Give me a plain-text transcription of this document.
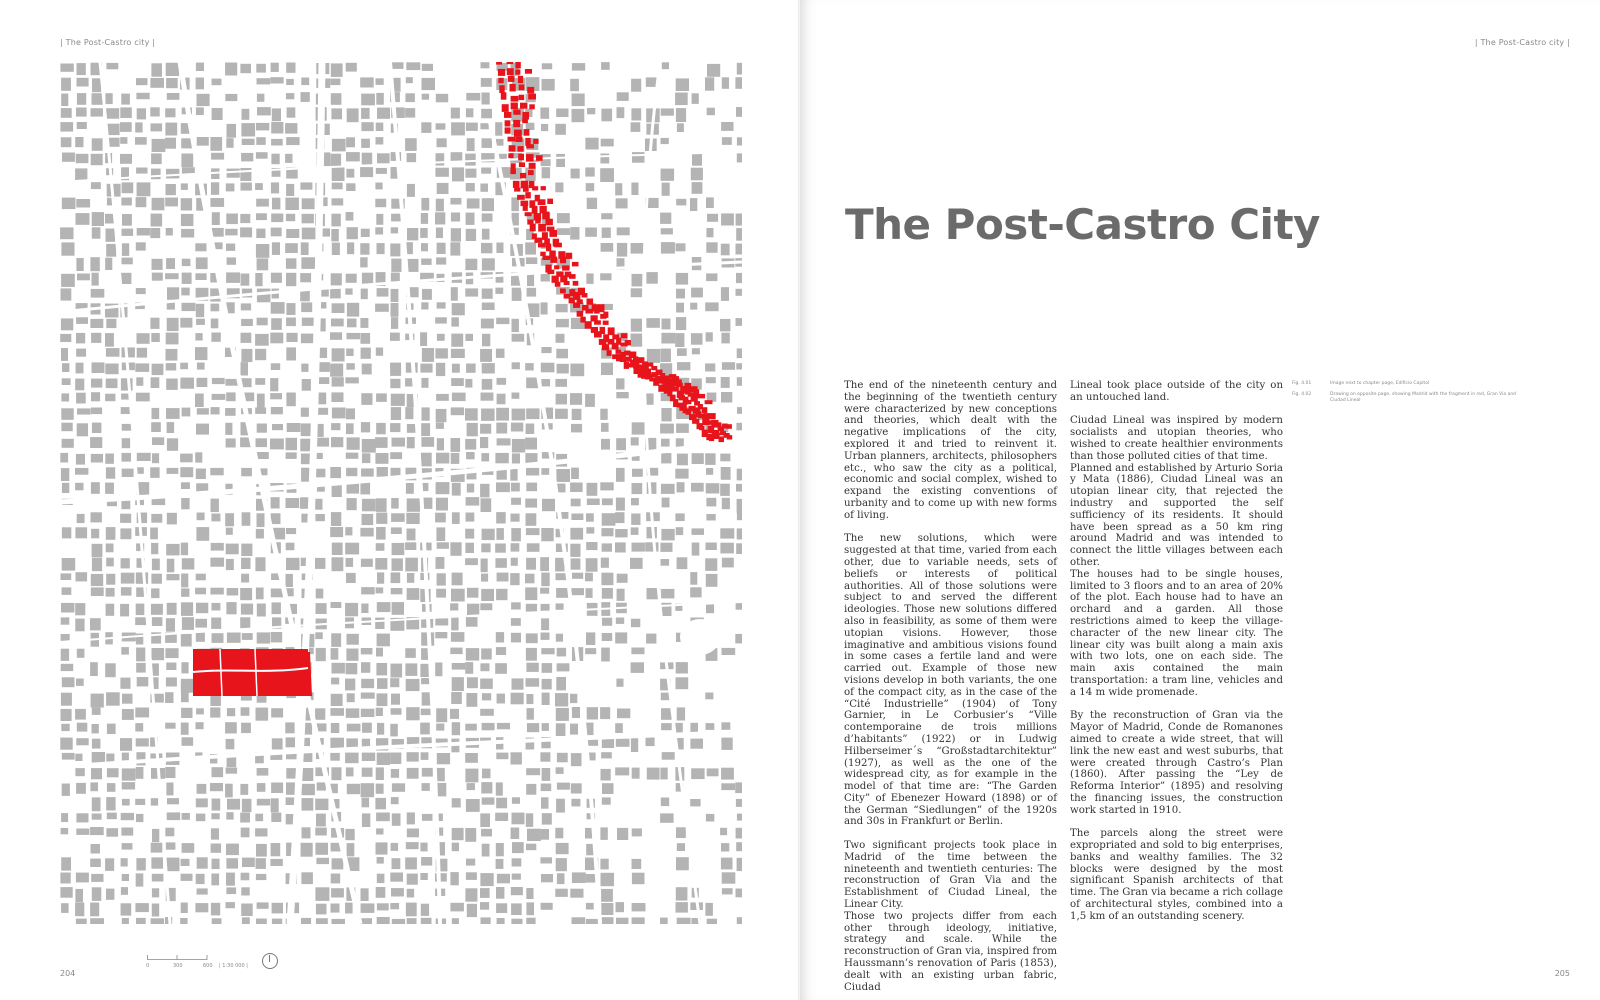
| The Post-Castro city |
0	300	600 | 1:30 000 |
204
| The Post-Castro city |
The Post-Castro City

The end of the nineteenth century and the beginning of the twentieth century were characterized by new conceptions and theories, which dealt with the negative implications of the city, explored it and tried to reinvent it. Urban planners, architects, philosophers etc., who saw the city as a political, economic and social complex, wished to expand the existing conventions of urbanity and to come up with new forms of living.

The new solutions, which were suggested at that time, varied from each other, due to variable needs, sets of beliefs or interests of political authorities. All of those solutions were subject to and served the different ideologies. Those new solutions differed also in feasibility, as some of them were utopian visions. However, those imaginative and ambitious visions found in some cases a fertile land and were carried out. Example of those new visions develop in both variants, the one of the compact city, as in the case of the “Cité Industrielle” (1904) of Tony Garnier, in Le Corbusier’s “Ville contemporaine de trois millions d’habitants” (1922) or in Ludwig Hilberseimer´s “Großstadtarchitektur” (1927), as well as the one of the widespread city, as for example in the model of that time are: “The Garden City” of Ebenezer Howard (1898) or of the German “Siedlungen” of the 1920s and 30s in Frankfurt or Berlin.

Two significant projects took place in Madrid of the time between the nineteenth and twentieth centuries: The reconstruction of Gran Via and the Establishment of Ciudad Lineal, the Linear City.

Those two projects differ from each other through ideology, initiative, strategy and scale. While the reconstruction of Gran via, inspired from Haussmann’s renovation of Paris (1853), dealt with an existing urban fabric, Ciudad

Lineal took place outside of the city on an untouched land.

Ciudad Lineal was inspired by modern socialists and utopian theories, who wished to create healthier environments than those polluted cities of that time.

Planned and established by Arturio Soria y Mata (1886), Ciudad Lineal was an utopian linear city, that rejected the industry and supported the self sufficiency of its residents. It should have been spread as a 50 km ring around Madrid and was intended to connect the little villages between each other.

The houses had to be single houses, limited to 3 floors and to an area of 20% of the plot. Each house had to have an orchard and a garden. All those restrictions aimed to keep the village-character of the new linear city. The linear city was built along a main axis with two lots, one on each side. The main axis contained the main transportation: a tram line, vehicles and a 14 m wide promenade.

By the reconstruction of Gran via the Mayor of Madrid, Conde de Romanones aimed to create a wide street, that will link the new east and west suburbs, that were created through Castro’s Plan (1860). After passing the “Ley de Reforma Interior” (1895) and resolving the financing issues, the construction work started in 1910.

The parcels along the street were expropriated and sold to big enterprises, banks and wealthy families. The 32 blocks were designed by the most significant Spanish architects of that time. The Gran via became a rich collage of architectural styles, combined into a 1,5 km of an outstanding scenery.

Fig. 4.01	Image next to chapter page, Edificio Capitol
Fig. 4.02	Drawing on opposite page, showing Madrid with the fragment in red, Gran Via and Ciudad Lineal
205
